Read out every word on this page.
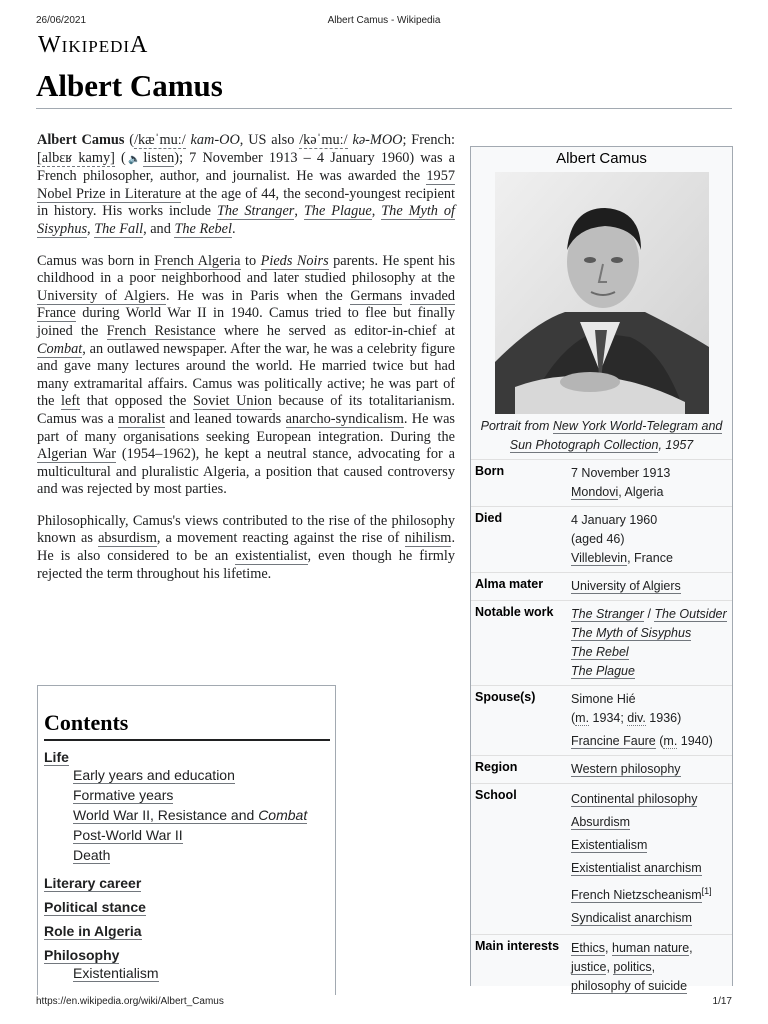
26/06/2021	Albert Camus - Wikipedia
WIKIPEDIA
Albert Camus

Albert Camus (/kæˈmuː/ kam-OO, US also /kəˈmuː/ kə-MOO; French: [albɛʁ kamy] (🔈listen); 7 November 1913 – 4 January 1960) was a French philosopher, author, and journalist. He was awarded the 1957 Nobel Prize in Literature at the age of 44, the second-youngest recipient in history. His works include The Stranger, The Plague, The Myth of Sisyphus, The Fall, and The Rebel.

Camus was born in French Algeria to Pieds Noirs parents. He spent his childhood in a poor neighborhood and later studied philosophy at the University of Algiers. He was in Paris when the Germans invaded France during World War II in 1940. Camus tried to flee but finally joined the French Resistance where he served as editor-in-chief at Combat, an outlawed newspaper. After the war, he was a celebrity figure and gave many lectures around the world. He married twice but had many extramarital affairs. Camus was politically active; he was part of the left that opposed the Soviet Union because of its totalitarianism. Camus was a moralist and leaned towards anarcho-syndicalism. He was part of many organisations seeking European integration. During the Algerian War (1954–1962), he kept a neutral stance, advocating for a multicultural and pluralistic Algeria, a position that caused controversy and was rejected by most parties.

Philosophically, Camus's views contributed to the rise of the philosophy known as absurdism, a movement reacting against the rise of nihilism. He is also considered to be an existentialist, even though he firmly rejected the term throughout his lifetime.

Contents
Life
Early years and education
Formative years
World War II, Resistance and Combat
Post-World War II
Death
Literary career
Political stance
Role in Algeria
Philosophy
Existentialism
Albert Camus
Portrait from New York World-Telegram and Sun Photograph Collection, 1957
Born	7 November 1913
Mondovi, Algeria
Died	4 January 1960
(aged 46)
Villeblevin, France
Alma mater	University of Algiers
Notable work	The Stranger / The Outsider
The Myth of Sisyphus
The Rebel
The Plague
Spouse(s)	Simone Hié
(m. 1934; div. 1936)
Francine Faure (m. 1940)
Region	Western philosophy
School	Continental philosophy
Absurdism
Existentialism
Existentialist anarchism
French Nietzscheanism[1]
Syndicalist anarchism
Main interests Ethics, human nature,
justice, politics,
philosophy of suicide
https://en.wikipedia.org/wiki/Albert_Camus	1/17
